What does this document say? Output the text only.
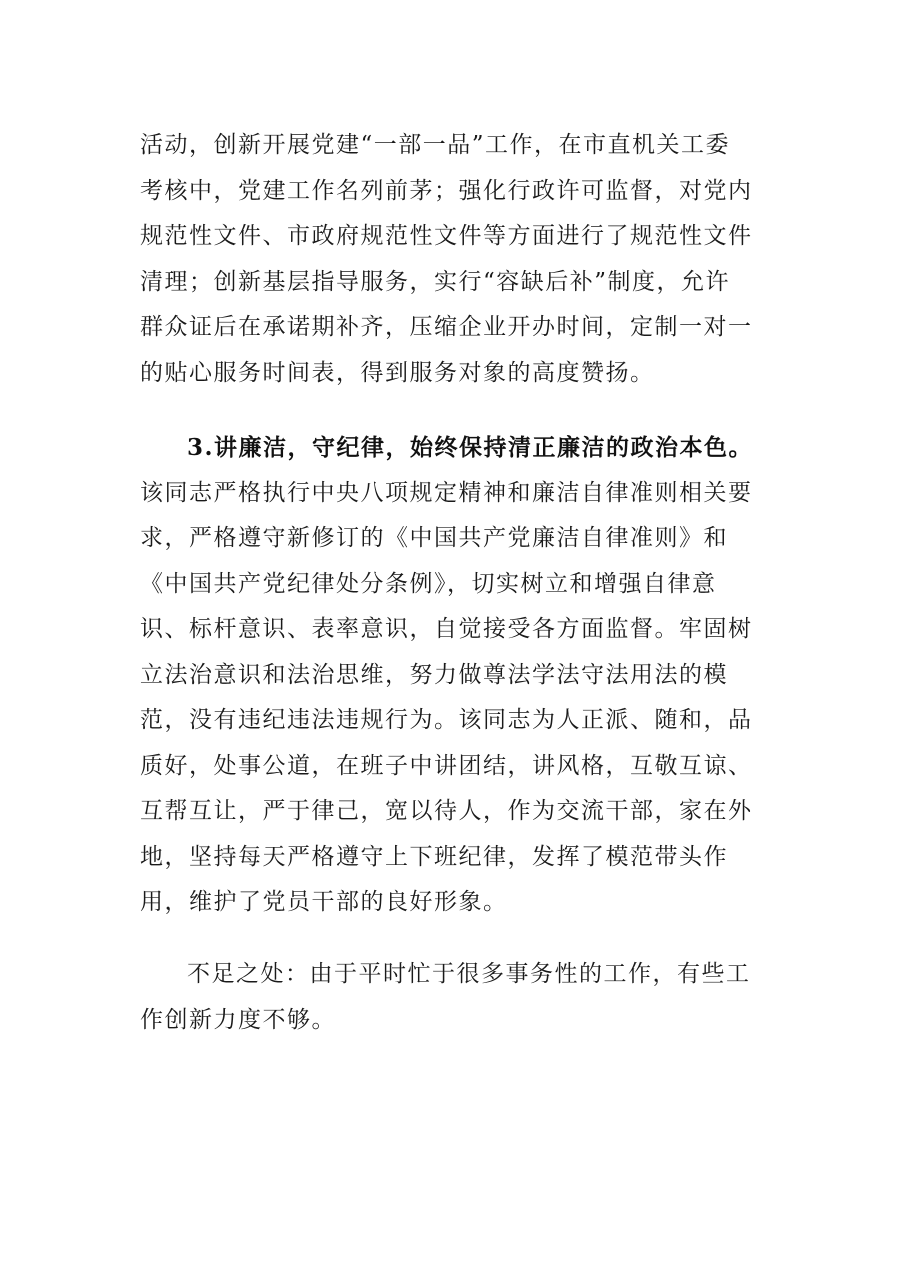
活动，创新开展党建“一部一品”工作，在市直机关工委
考核中，党建工作名列前茅；强化行政许可监督，对党内
规范性文件、市政府规范性文件等方面进行了规范性文件
清理；创新基层指导服务，实行“容缺后补”制度，允许
群众证后在承诺期补齐，压缩企业开办时间，定制一对一
的贴心服务时间表，得到服务对象的高度赞扬。
3.讲廉洁，守纪律，始终保持清正廉洁的政治本色。
该同志严格执行中央八项规定精神和廉洁自律准则相关要
求，严格遵守新修订的《中国共产党廉洁自律准则》和
《中国共产党纪律处分条例》，切实树立和增强自律意
识、标杆意识、表率意识，自觉接受各方面监督。牢固树
立法治意识和法治思维，努力做尊法学法守法用法的模
范，没有违纪违法违规行为。该同志为人正派、随和，品
质好，处事公道，在班子中讲团结，讲风格，互敬互谅、
互帮互让，严于律己，宽以待人，作为交流干部，家在外
地，坚持每天严格遵守上下班纪律，发挥了模范带头作
用，维护了党员干部的良好形象。
不足之处：由于平时忙于很多事务性的工作，有些工
作创新力度不够。
